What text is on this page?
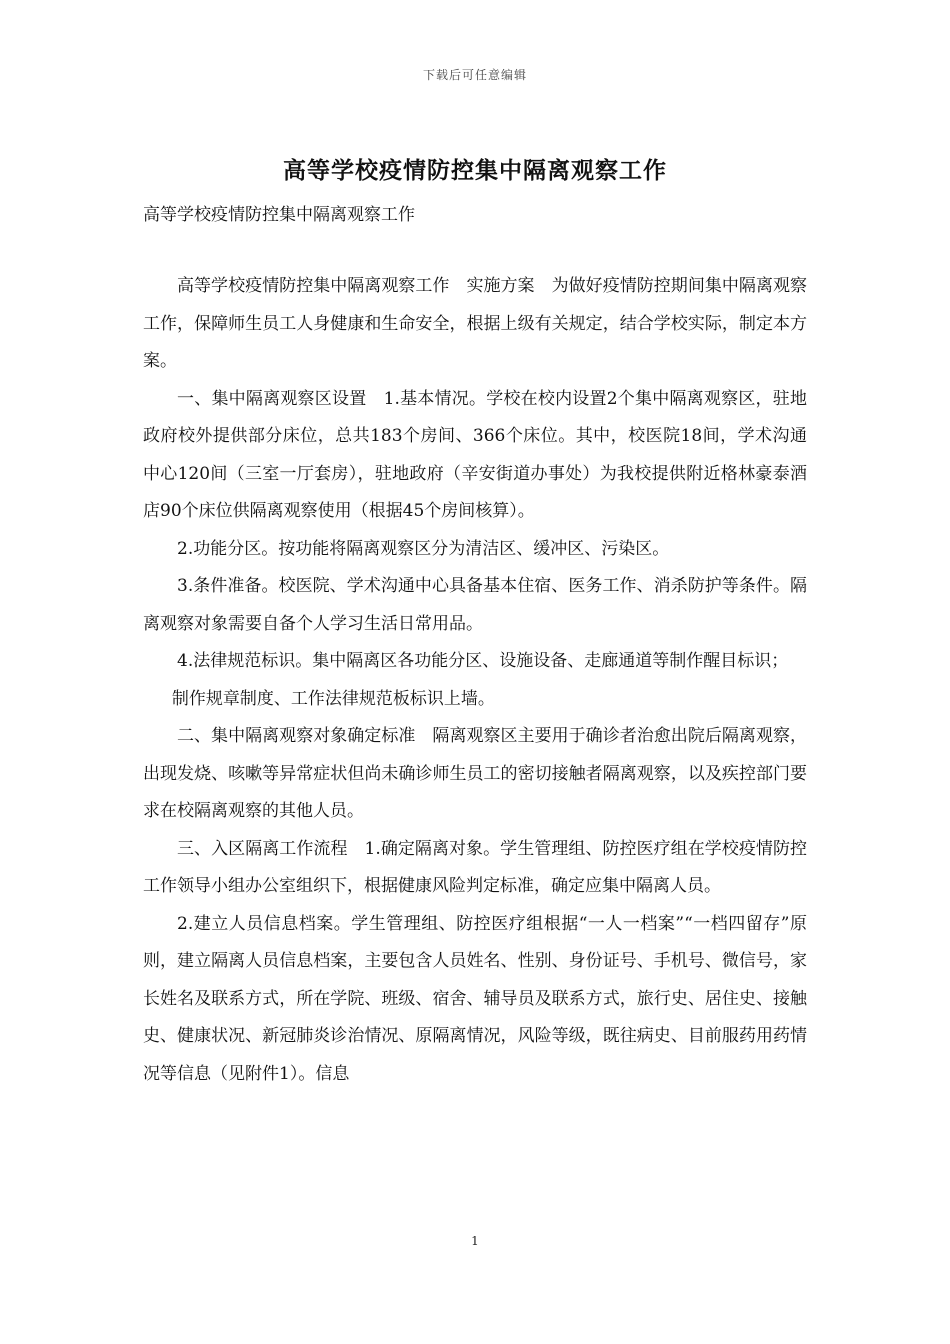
下载后可任意编辑
高等学校疫情防控集中隔离观察工作
高等学校疫情防控集中隔离观察工作

高等学校疫情防控集中隔离观察工作　实施方案　为做好疫情防控期间集中隔离观察工作，保障师生员工人身健康和生命安全，根据上级有关规定，结合学校实际，制定本方案。

一、集中隔离观察区设置　1.基本情况。学校在校内设置2个集中隔离观察区，驻地政府校外提供部分床位，总共183个房间、366个床位。其中，校医院18间，学术沟通中心120间（三室一厅套房），驻地政府（辛安街道办事处）为我校提供附近格林豪泰酒店90个床位供隔离观察使用（根据45个房间核算）。

2.功能分区。按功能将隔离观察区分为清洁区、缓冲区、污染区。

3.条件准备。校医院、学术沟通中心具备基本住宿、医务工作、消杀防护等条件。隔离观察对象需要自备个人学习生活日常用品。

4.法律规范标识。集中隔离区各功能分区、设施设备、走廊通道等制作醒目标识；

制作规章制度、工作法律规范板标识上墙。

二、集中隔离观察对象确定标准　隔离观察区主要用于确诊者治愈出院后隔离观察，出现发烧、咳嗽等异常症状但尚未确诊师生员工的密切接触者隔离观察，以及疾控部门要求在校隔离观察的其他人员。

三、入区隔离工作流程　1.确定隔离对象。学生管理组、防控医疗组在学校疫情防控工作领导小组办公室组织下，根据健康风险判定标准，确定应集中隔离人员。

2.建立人员信息档案。学生管理组、防控医疗组根据“一人一档案”“一档四留存”原则，建立隔离人员信息档案，主要包含人员姓名、性别、身份证号、手机号、微信号，家长姓名及联系方式，所在学院、班级、宿舍、辅导员及联系方式，旅行史、居住史、接触史、健康状况、新冠肺炎诊治情况、原隔离情况，风险等级，既往病史、目前服药用药情况等信息（见附件1）。信息

1
